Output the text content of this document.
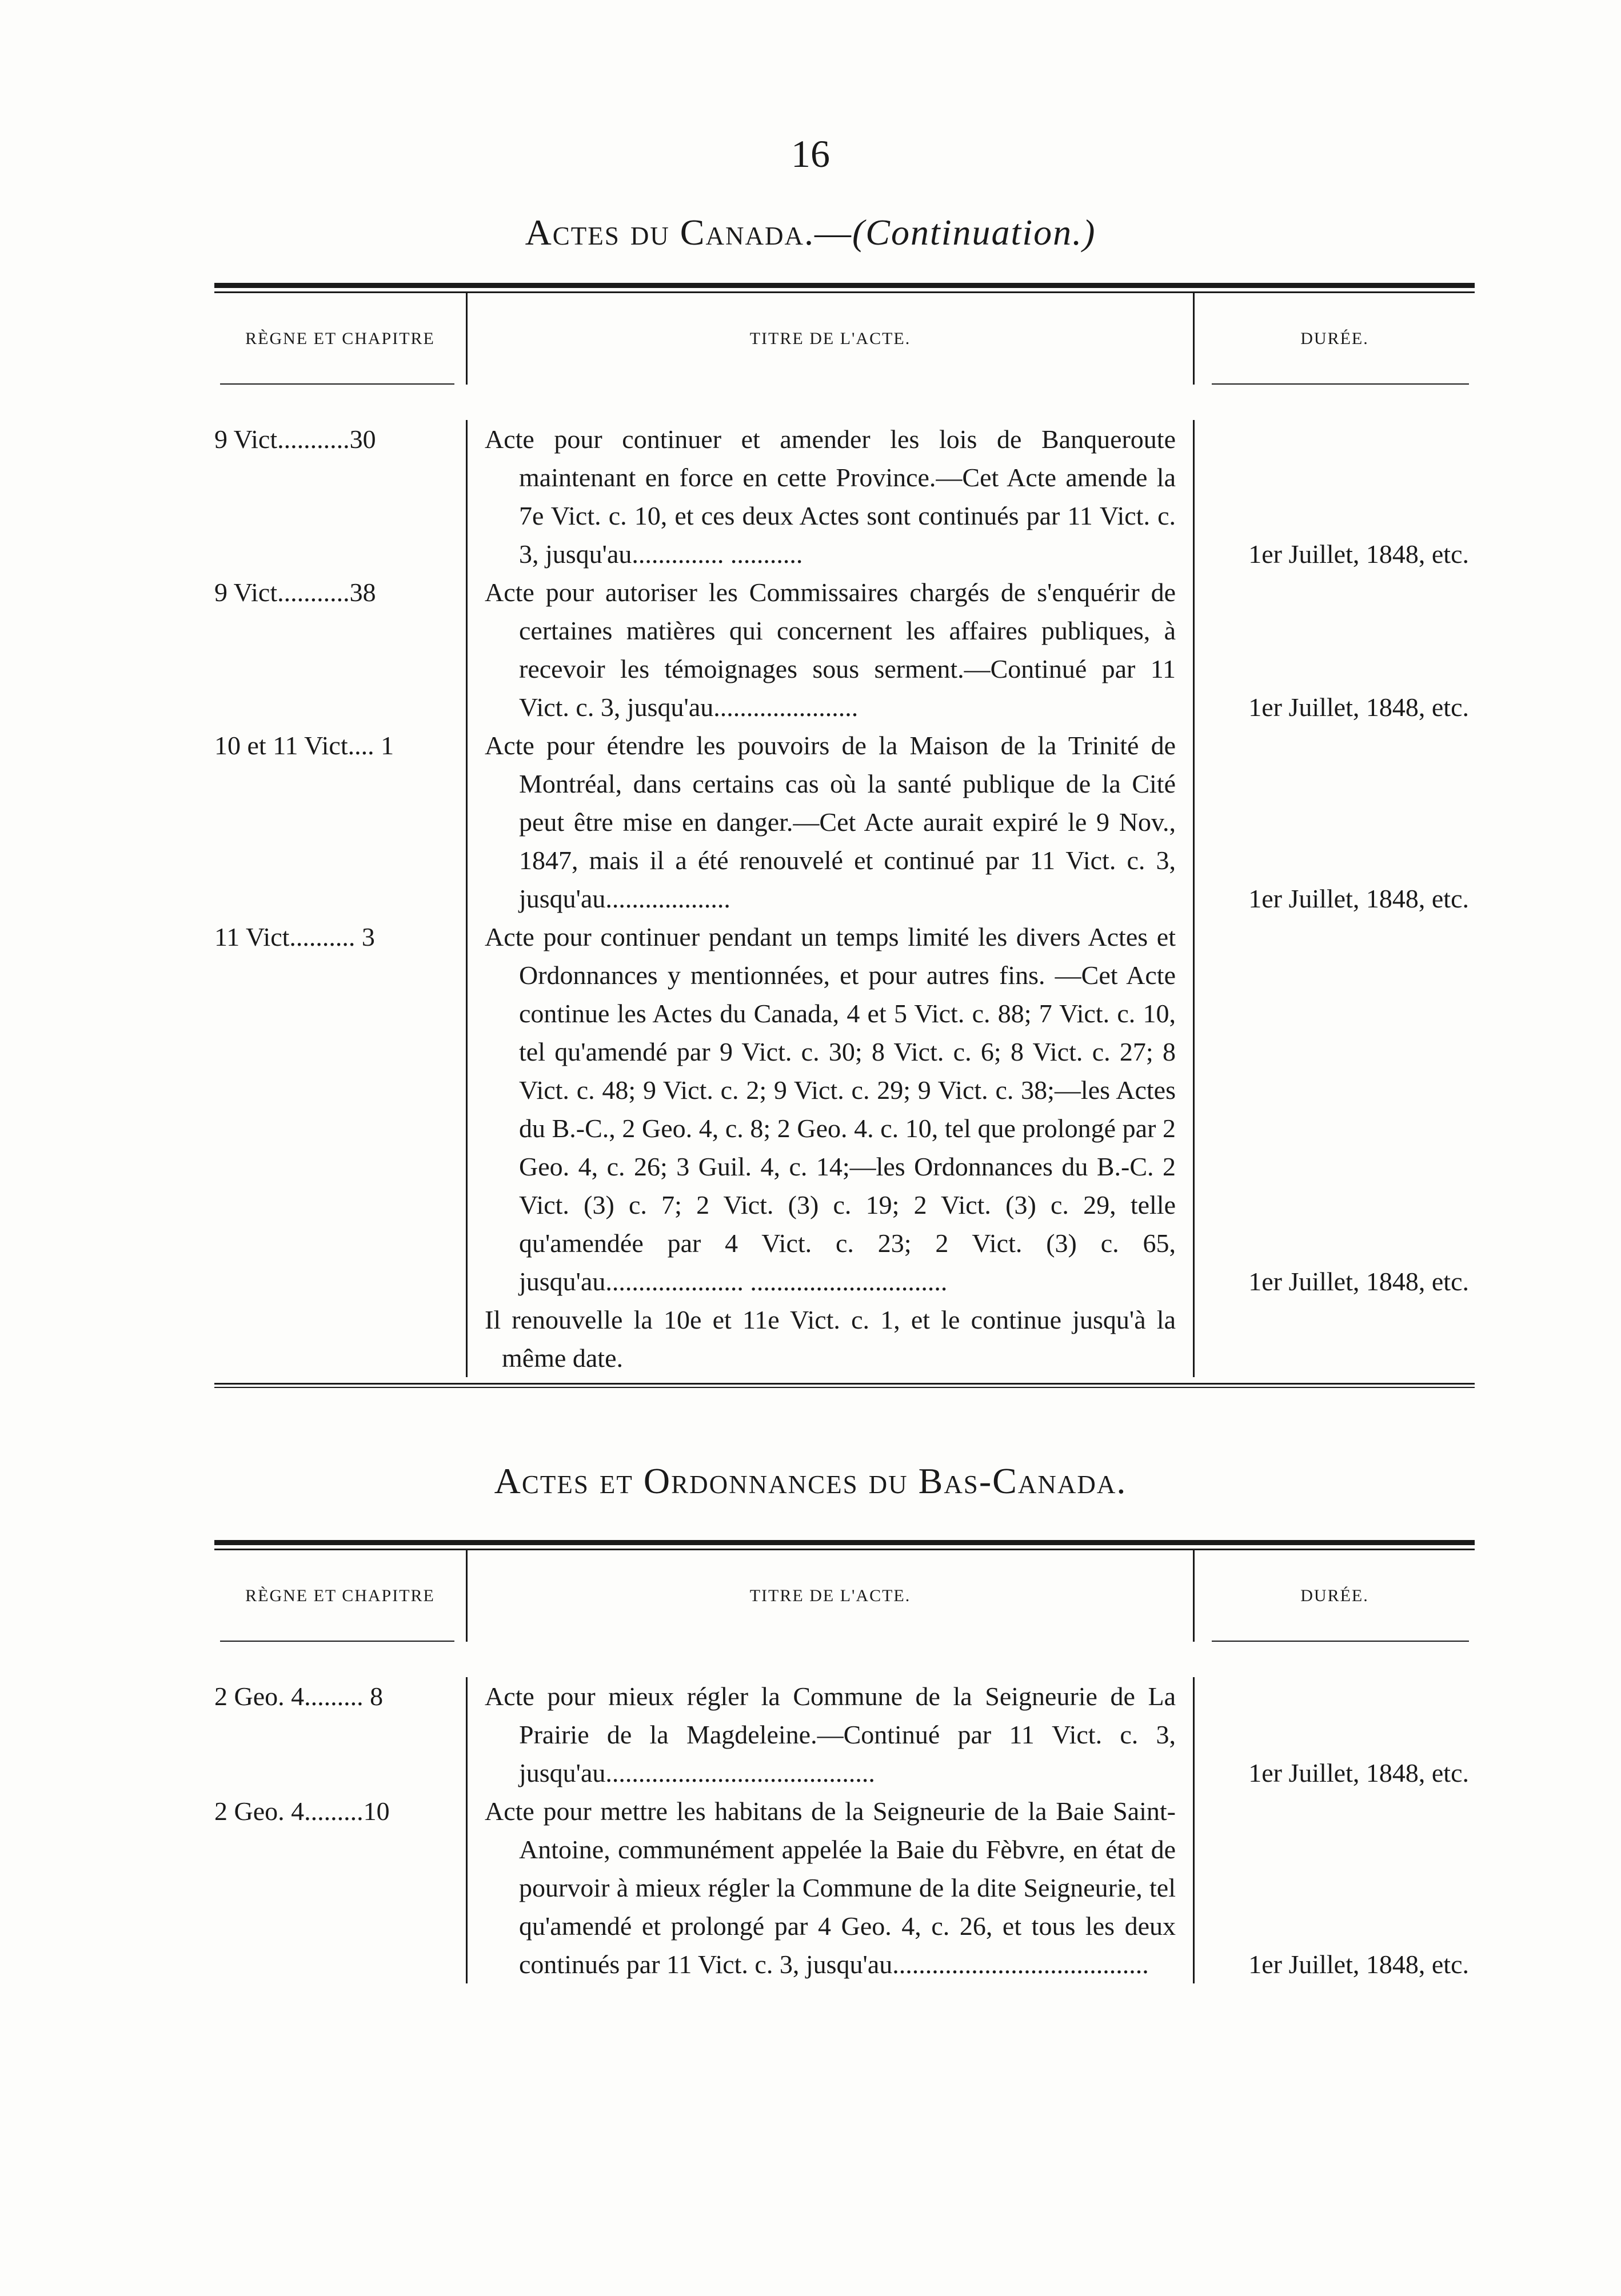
16
Actes du Canada.—(Continuation.)
RÈGNE ET CHAPITRE	TITRE DE L'ACTE.	DURÉE.
9 Vict...........30	Acte pour continuer et amender les lois de Banqueroute maintenant en force en cette Province.—Cet Acte amende la 7e Vict. c. 10, et ces deux Actes sont continués par 11 Vict. c. 3, jusqu'au.............. ...........	1er Juillet, 1848, etc.
9 Vict...........38	Acte pour autoriser les Commissaires chargés de s'enquérir de certaines matières qui concernent les affaires publiques, à recevoir les témoignages sous serment.—Continué par 11 Vict. c. 3, jusqu'au......................	1er Juillet, 1848, etc.
10 et 11 Vict.... 1	Acte pour étendre les pouvoirs de la Maison de la Trinité de Montréal, dans certains cas où la santé publique de la Cité peut être mise en danger.—Cet Acte aurait expiré le 9 Nov., 1847, mais il a été renouvelé et continué par 11 Vict. c. 3, jusqu'au...................	1er Juillet, 1848, etc.
11 Vict.......... 3	Acte pour continuer pendant un temps limité les divers Actes et Ordonnances y mentionnées, et pour autres fins. —Cet Acte continue les Actes du Canada, 4 et 5 Vict. c. 88; 7 Vict. c. 10, tel qu'amendé par 9 Vict. c. 30; 8 Vict. c. 6; 8 Vict. c. 27; 8 Vict. c. 48; 9 Vict. c. 2; 9 Vict. c. 29; 9 Vict. c. 38;—les Actes du B.-C., 2 Geo. 4, c. 8; 2 Geo. 4. c. 10, tel que prolongé par 2 Geo. 4, c. 26; 3 Guil. 4, c. 14;—les Ordonnances du B.-C. 2 Vict. (3) c. 7; 2 Vict. (3) c. 19; 2 Vict. (3) c. 29, telle qu'amendée par 4 Vict. c. 23; 2 Vict. (3) c. 65, jusqu'au..................... ..............................	1er Juillet, 1848, etc.

Il renouvelle la 10e et 11e Vict. c. 1, et le continue jusqu'à la même date.

Actes et Ordonnances du Bas-Canada.
RÈGNE ET CHAPITRE	TITRE DE L'ACTE.	DURÉE.
2 Geo. 4......... 8	Acte pour mieux régler la Commune de la Seigneurie de La Prairie de la Magdeleine.—Continué par 11 Vict. c. 3, jusqu'au.........................................	1er Juillet, 1848, etc.
2 Geo. 4.........10	Acte pour mettre les habitans de la Seigneurie de la Baie Saint-Antoine, communément appelée la Baie du Fèbvre, en état de pourvoir à mieux régler la Commune de la dite Seigneurie, tel qu'amendé et prolongé par 4 Geo. 4, c. 26, et tous les deux continués par 11 Vict. c. 3, jusqu'au.......................................	1er Juillet, 1848, etc.
